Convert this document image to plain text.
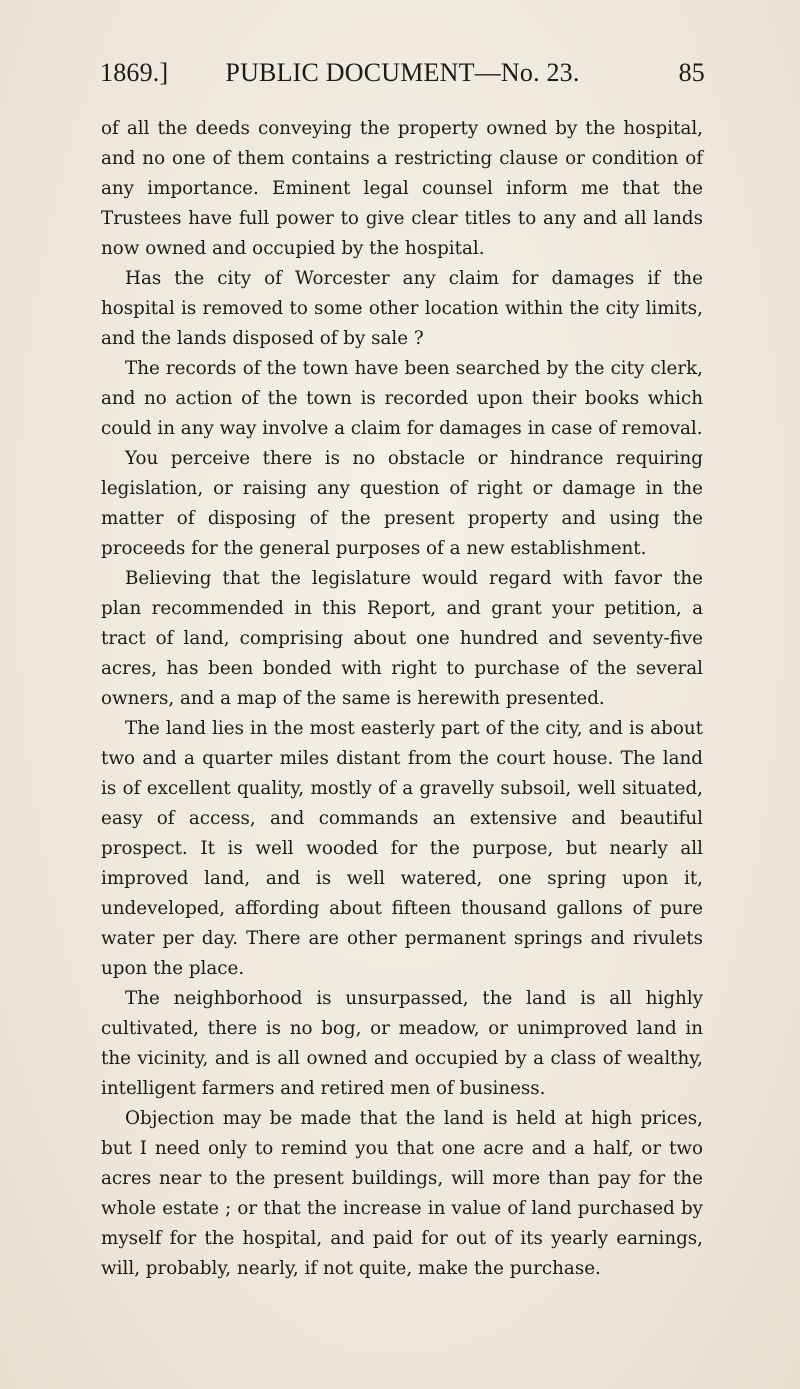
1869.]	PUBLIC DOCUMENT—No. 23.	85

of all the deeds conveying the property owned by the hospital, and no one of them contains a restricting clause or condition of any importance. Eminent legal counsel inform me that the Trustees have full power to give clear titles to any and all lands now owned and occupied by the hospital.

Has the city of Worcester any claim for damages if the hospital is removed to some other location within the city limits, and the lands disposed of by sale ?

The records of the town have been searched by the city clerk, and no action of the town is recorded upon their books which could in any way involve a claim for damages in case of removal.

You perceive there is no obstacle or hindrance requiring legislation, or raising any question of right or damage in the matter of disposing of the present property and using the proceeds for the general purposes of a new establishment.

Believing that the legislature would regard with favor the plan recommended in this Report, and grant your petition, a tract of land, comprising about one hundred and seventy-five acres, has been bonded with right to purchase of the several owners, and a map of the same is herewith presented.

The land lies in the most easterly part of the city, and is about two and a quarter miles distant from the court house. The land is of excellent quality, mostly of a gravelly subsoil, well situated, easy of access, and commands an extensive and beautiful prospect. It is well wooded for the purpose, but nearly all improved land, and is well watered, one spring upon it, undeveloped, affording about fifteen thousand gallons of pure water per day. There are other permanent springs and rivulets upon the place.

The neighborhood is unsurpassed, the land is all highly cultivated, there is no bog, or meadow, or unimproved land in the vicinity, and is all owned and occupied by a class of wealthy, intelligent farmers and retired men of business.

Objection may be made that the land is held at high prices, but I need only to remind you that one acre and a half, or two acres near to the present buildings, will more than pay for the whole estate ; or that the increase in value of land purchased by myself for the hospital, and paid for out of its yearly earnings, will, probably, nearly, if not quite, make the purchase.
